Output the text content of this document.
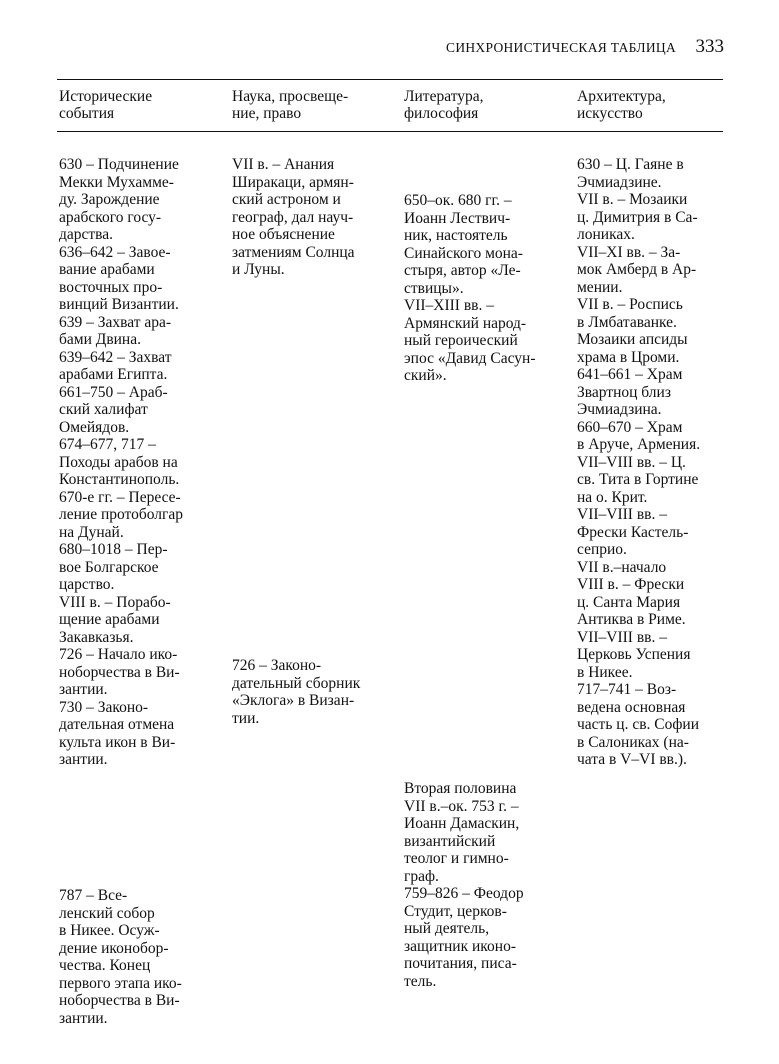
СИНХРОНИСТИЧЕСКАЯ ТАБЛИЦА 333
Исторические
события
Наука, просвеще-
ние, право
Литература,
философия
Архитектура,
искусство
630 – Подчинение
Мекки Мухамме-
ду. Зарождение
арабского госу-
дарства.
636–642 – Завое-
вание арабами
восточных про-
винций Византии.
639 – Захват ара-
бами Двина.
639–642 – Захват
арабами Египта.
661–750 – Араб-
ский халифат
Омейядов.
674–677, 717 –
Походы арабов на
Константинополь.
670-е гг. – Пересе-
ление протоболгар
на Дунай.
680–1018 – Пер-
вое Болгарское
царство.
VIII в. – Порабо-
щение арабами
Закавказья.
726 – Начало ико-
ноборчества в Ви-
зантии.
730 – Законо-
дательная отмена
культа икон в Ви-
зантии.
787 – Все-
ленский собор
в Никее. Осуж-
дение иконобор-
чества. Конец
первого этапа ико-
ноборчества в Ви-
зантии.
VII в. – Анания
Ширакаци, армян-
ский астроном и
географ, дал науч-
ное объяснение
затмениям Солнца
и Луны.
726 – Законо-
дательный сборник
«Эклога» в Визан-
тии.
650–ок. 680 гг. –
Иоанн Лествич-
ник, настоятель
Синайского мона-
стыря, автор «Ле-
ствицы».
VII–XIII вв. –
Армянский народ-
ный героический
эпос «Давид Сасун-
ский».
Вторая половина
VII в.–ок. 753 г. –
Иоанн Дамаскин,
византийский
теолог и гимно-
граф.
759–826 – Феодор
Студит, церков-
ный деятель,
защитник иконо-
почитания, писа-
тель.
630 – Ц. Гаяне в
Эчмиадзине.
VII в. – Мозаики
ц. Димитрия в Са-
лониках.
VII–XI вв. – За-
мок Амберд в Ар-
мении.
VII в. – Роспись
в Лмбатаванке.
Мозаики апсиды
храма в Цроми.
641–661 – Храм
Звартноц близ
Эчмиадзина.
660–670 – Храм
в Аруче, Армения.
VII–VIII вв. – Ц.
св. Тита в Гортине
на о. Крит.
VII–VIII вв. –
Фрески Кастель-
сеприо.
VII в.–начало
VIII в. – Фрески
ц. Санта Мария
Антиква в Риме.
VII–VIII вв. –
Церковь Успения
в Никее.
717–741 – Воз-
ведена основная
часть ц. св. Софии
в Салониках (на-
чата в V–VI вв.).
